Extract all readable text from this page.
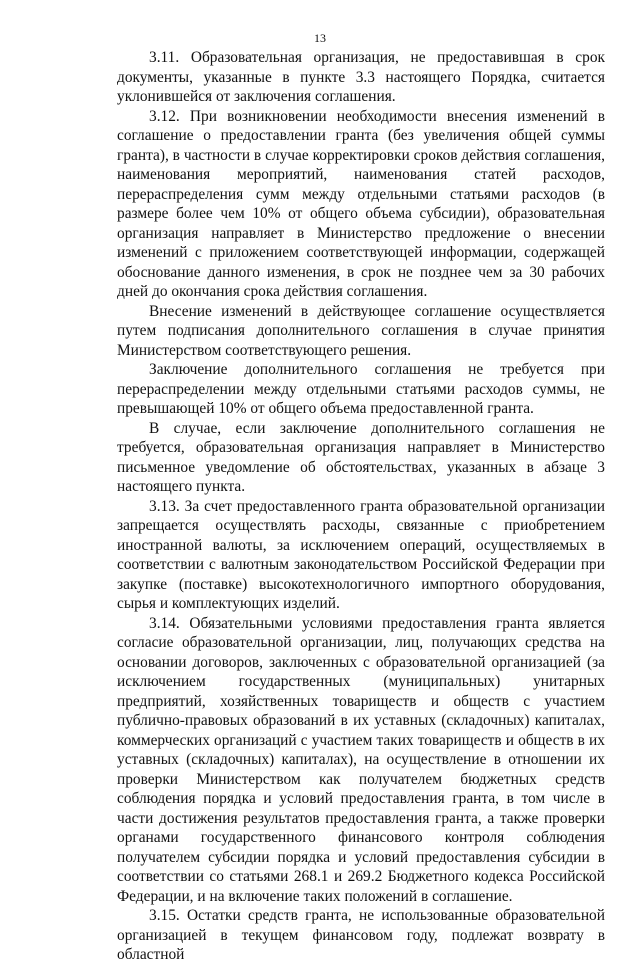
13

3.11. Образовательная организация, не предоставившая в срок документы, указанные в пункте 3.3 настоящего Порядка, считается уклонившейся от заключения соглашения.

3.12. При возникновении необходимости внесения изменений в соглашение о предоставлении гранта (без увеличения общей суммы гранта), в частности в случае корректировки сроков действия соглашения, наименования мероприятий, наименования статей расходов, перераспределения сумм между отдельными статьями расходов (в размере более чем 10% от общего объема субсидии), образовательная организация направляет в Министерство предложение о внесении изменений с приложением соответствующей информации, содержащей обоснование данного изменения, в срок не позднее чем за 30 рабочих дней до окончания срока действия соглашения.

Внесение изменений в действующее соглашение осуществляется путем подписания дополнительного соглашения в случае принятия Министерством соответствующего решения.

Заключение дополнительного соглашения не требуется при перераспределении между отдельными статьями расходов суммы, не превышающей 10% от общего объема предоставленной гранта.

В случае, если заключение дополнительного соглашения не требуется, образовательная организация направляет в Министерство письменное уведомление об обстоятельствах, указанных в абзаце 3 настоящего пункта.

3.13. За счет предоставленного гранта образовательной организации запрещается осуществлять расходы, связанные с приобретением иностранной валюты, за исключением операций, осуществляемых в соответствии с валютным законодательством Российской Федерации при закупке (поставке) высокотехнологичного импортного оборудования, сырья и комплектующих изделий.

3.14. Обязательными условиями предоставления гранта является согласие образовательной организации, лиц, получающих средства на основании договоров, заключенных с образовательной организацией (за исключением государственных (муниципальных) унитарных предприятий, хозяйственных товариществ и обществ с участием публично-правовых образований в их уставных (складочных) капиталах, коммерческих организаций с участием таких товариществ и обществ в их уставных (складочных) капиталах), на осуществление в отношении их проверки Министерством как получателем бюджетных средств соблюдения порядка и условий предоставления гранта, в том числе в части достижения результатов предоставления гранта, а также проверки органами государственного финансового контроля соблюдения получателем субсидии порядка и условий предоставления субсидии в соответствии со статьями 268.1 и 269.2 Бюджетного кодекса Российской Федерации, и на включение таких положений в соглашение.

3.15. Остатки средств гранта, не использованные образовательной организацией в текущем финансовом году, подлежат возврату в областной
